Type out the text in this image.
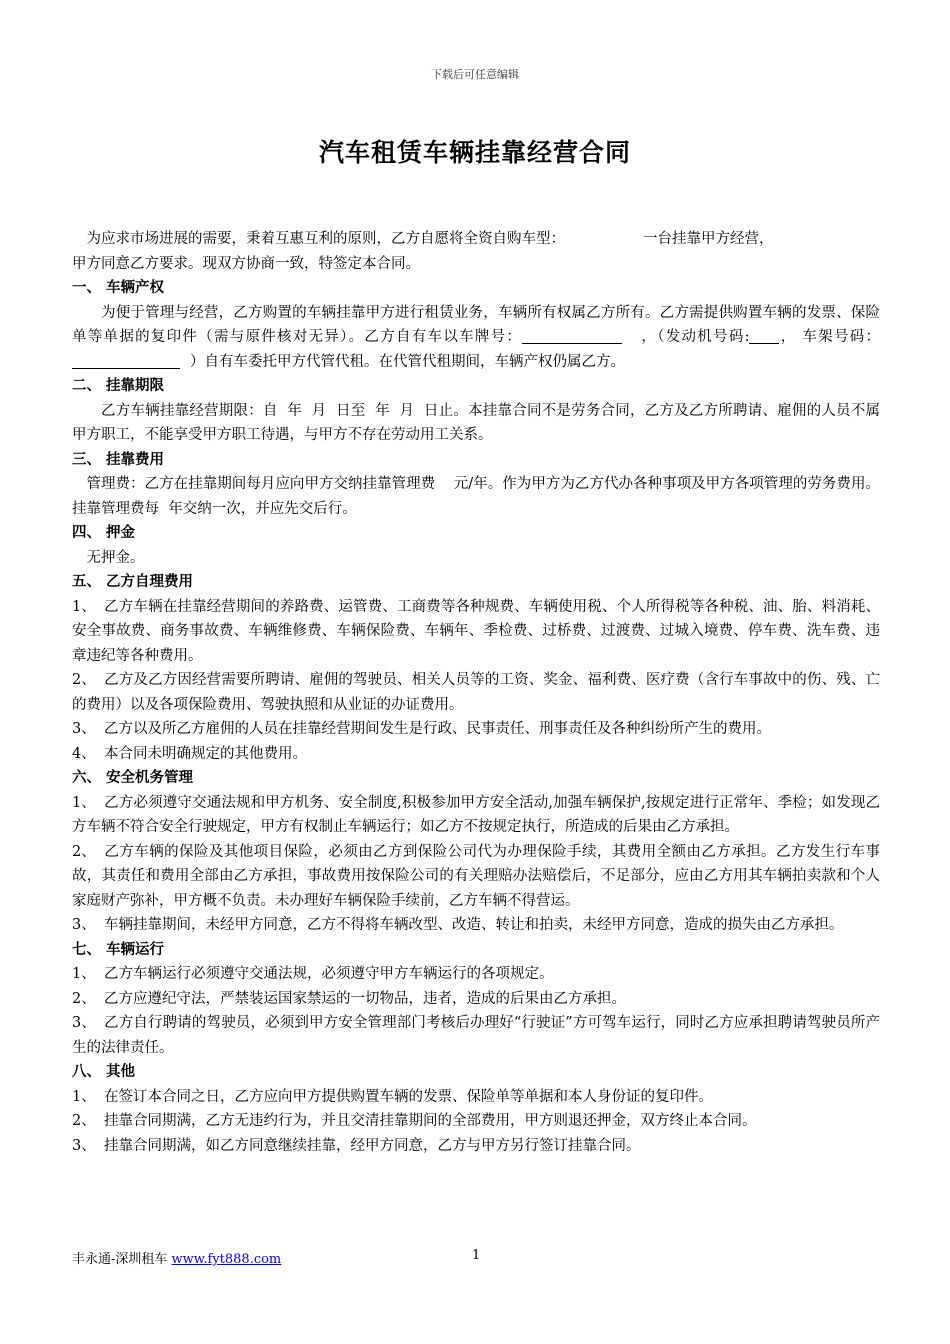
下载后可任意编辑
汽车租赁车辆挂靠经营合同

为应求市场进展的需要，秉着互惠互利的原则，乙方自愿将全资自购车型：	一台挂靠甲方经营，

甲方同意乙方要求。现双方协商一致，特签定本合同。

一、 车辆产权

为便于管理与经营，乙方购置的车辆挂靠甲方进行租赁业务，车辆所有权属乙方所有。乙方需提供购置车辆的发票、保险单等单据的复印件（需与原件核对无异）。乙方自有车以车牌号：	，（发动机号码: ， 车架号码：）自有车委托甲方代管代租。在代管代租期间，车辆产权仍属乙方。

二、 挂靠期限

乙方车辆挂靠经营期限：自  年  月  日至  年  月  日止。本挂靠合同不是劳务合同，乙方及乙方所聘请、雇佣的人员不属甲方职工，不能享受甲方职工待遇，与甲方不存在劳动用工关系。

三、 挂靠费用

管理费：乙方在挂靠期间每月应向甲方交纳挂靠管理费    元/年。作为甲方为乙方代办各种事项及甲方各项管理的劳务费用。挂靠管理费每  年交纳一次，并应先交后行。

四、 押金

无押金。

五、 乙方自理费用

1、 乙方车辆在挂靠经营期间的养路费、运管费、工商费等各种规费、车辆使用税、个人所得税等各种税、油、胎、料消耗、安全事故费、商务事故费、车辆维修费、车辆保险费、车辆年、季检费、过桥费、过渡费、过城入境费、停车费、洗车费、违章违纪等各种费用。

2、 乙方及乙方因经营需要所聘请、雇佣的驾驶员、相关人员等的工资、奖金、福利费、医疗费（含行车事故中的伤、残、亡的费用）以及各项保险费用、驾驶执照和从业证的办证费用。

3、 乙方以及所乙方雇佣的人员在挂靠经营期间发生是行政、民事责任、刑事责任及各种纠纷所产生的费用。

4、 本合同未明确规定的其他费用。

六、 安全机务管理

1、 乙方必须遵守交通法规和甲方机务、安全制度,积极参加甲方安全活动,加强车辆保护,按规定进行正常年、季检；如发现乙方车辆不符合安全行驶规定，甲方有权制止车辆运行；如乙方不按规定执行，所造成的后果由乙方承担。

2、 乙方车辆的保险及其他项目保险，必须由乙方到保险公司代为办理保险手续，其费用全额由乙方承担。乙方发生行车事故，其责任和费用全部由乙方承担，事故费用按保险公司的有关理赔办法赔偿后，不足部分，应由乙方用其车辆拍卖款和个人家庭财产弥补，甲方概不负责。未办理好车辆保险手续前，乙方车辆不得营运。

3、 车辆挂靠期间，未经甲方同意，乙方不得将车辆改型、改造、转让和拍卖，未经甲方同意，造成的损失由乙方承担。

七、 车辆运行

1、 乙方车辆运行必须遵守交通法规，必须遵守甲方车辆运行的各项规定。

2、 乙方应遵纪守法，严禁装运国家禁运的一切物品，违者，造成的后果由乙方承担。

3、 乙方自行聘请的驾驶员，必须到甲方安全管理部门考核后办理好“行驶证”方可驾车运行，同时乙方应承担聘请驾驶员所产生的法律责任。

八、 其他

1、 在签订本合同之日，乙方应向甲方提供购置车辆的发票、保险单等单据和本人身份证的复印件。

2、 挂靠合同期满，乙方无违约行为，并且交清挂靠期间的全部费用，甲方则退还押金，双方终止本合同。

3、 挂靠合同期满，如乙方同意继续挂靠，经甲方同意，乙方与甲方另行签订挂靠合同。

丰永通-深圳租车 www.fyt888.com	1
